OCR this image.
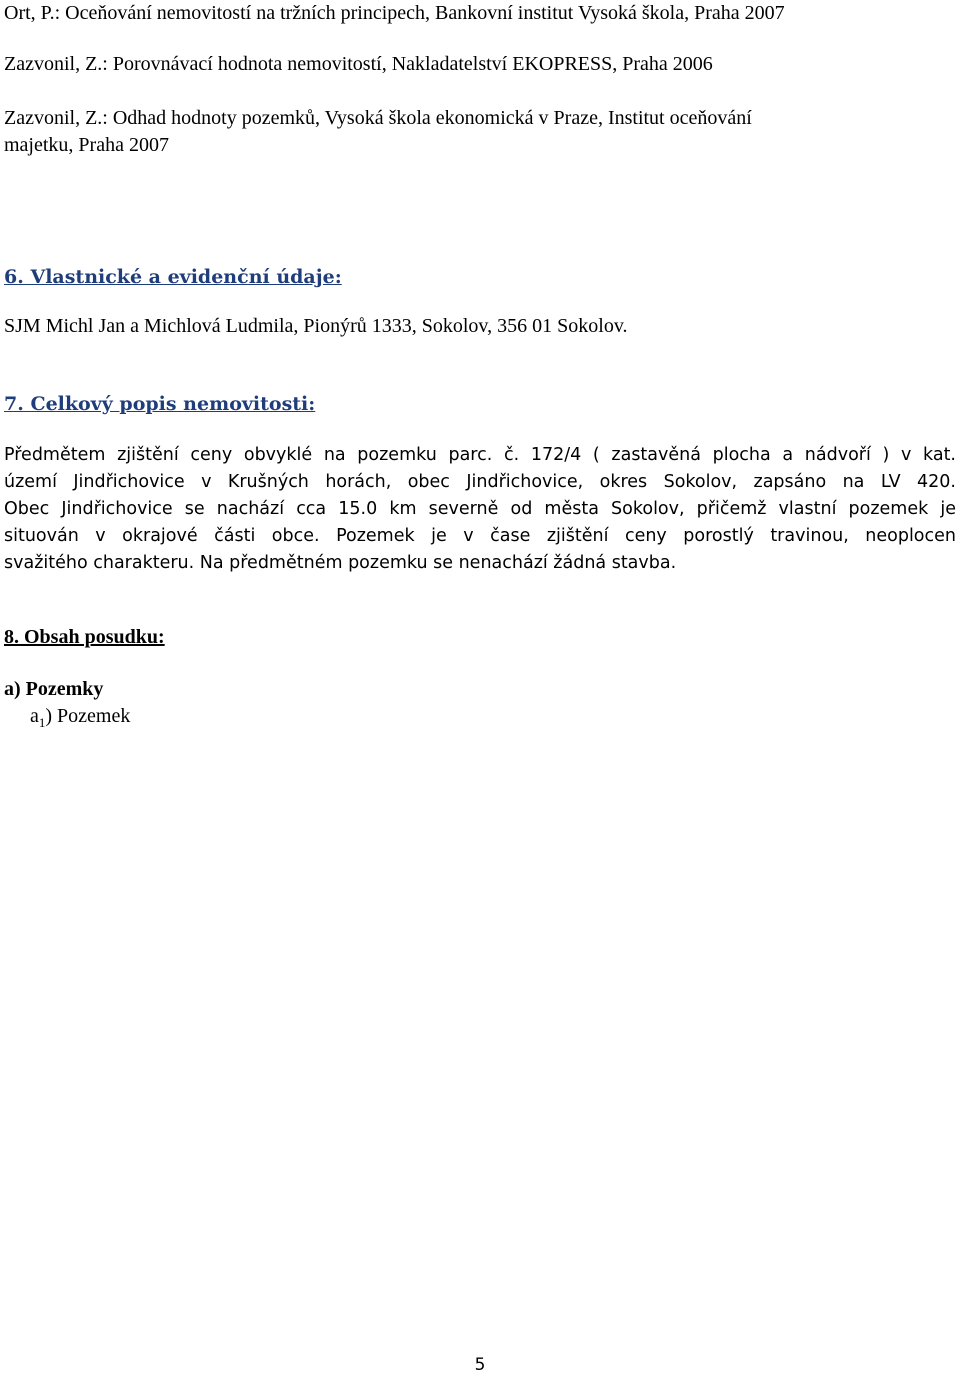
Ort, P.: Oceňování nemovitostí na tržních principech, Bankovní institut Vysoká škola, Praha 2007

Zazvonil, Z.: Porovnávací hodnota nemovitostí, Nakladatelství EKOPRESS, Praha 2006

Zazvonil, Z.: Odhad hodnoty pozemků, Vysoká škola ekonomická v Praze, Institut oceňování

majetku, Praha 2007

6. Vlastnické a evidenční údaje:

SJM Michl Jan a Michlová Ludmila, Pionýrů 1333, Sokolov, 356 01 Sokolov.

7. Celkový popis nemovitosti:

Předmětem zjištění ceny obvyklé na pozemku parc. č. 172/4 ( zastavěná plocha a nádvoří ) v kat.
území Jindřichovice v Krušných horách, obec Jindřichovice, okres Sokolov, zapsáno na LV 420.
Obec Jindřichovice se nachází cca 15.0 km severně od města Sokolov, přičemž vlastní pozemek je
situován v okrajové části obce. Pozemek je v čase zjištění ceny porostlý travinou, neoplocen
svažitého charakteru. Na předmětném pozemku se nenachází žádná stavba.

8. Obsah posudku:

a) Pozemky

$a_1$) Pozemek

5
